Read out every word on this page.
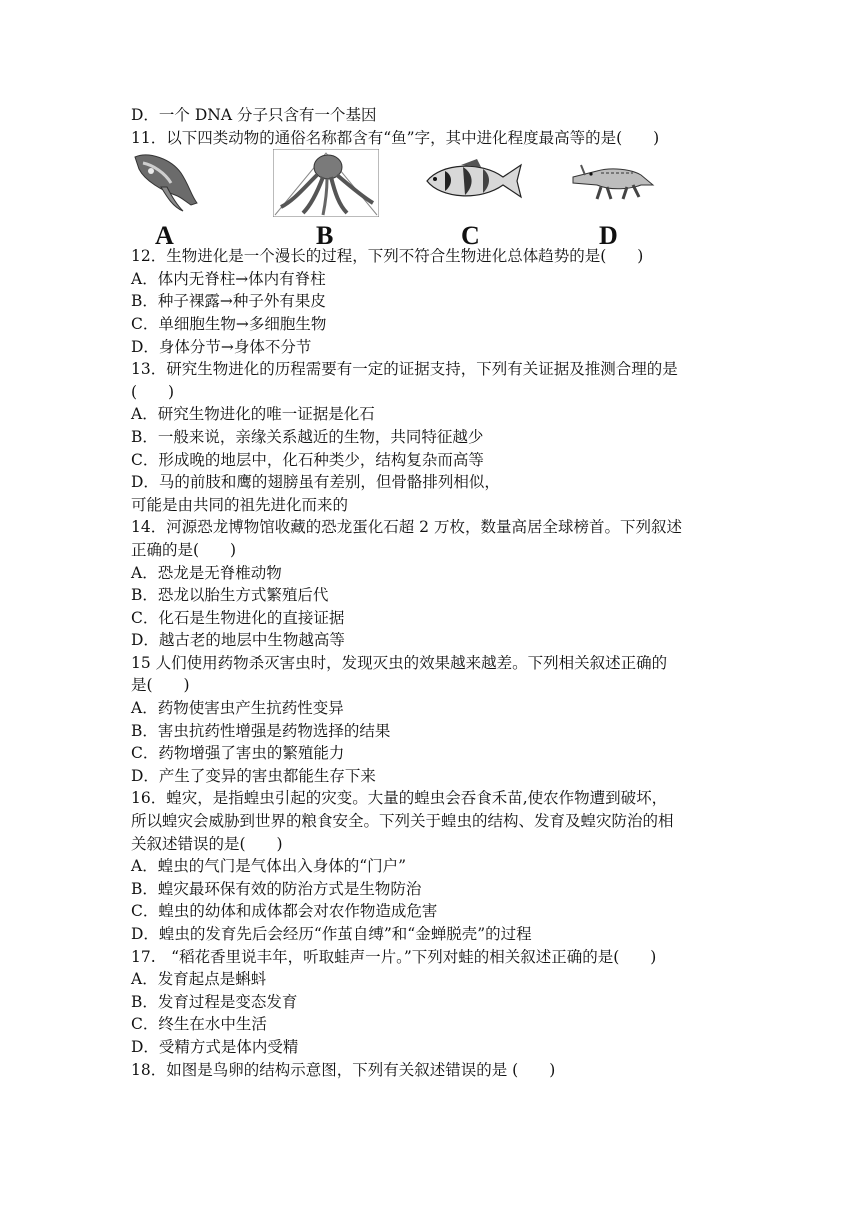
D．一个 DNA 分子只含有一个基因
11．以下四类动物的通俗名称都含有“鱼”字，其中进化程度最高等的是(　　)
A	B	C	D
12．生物进化是一个漫长的过程，下列不符合生物进化总体趋势的是(　　)
A．体内无脊柱→体内有脊柱
B．种子裸露→种子外有果皮
C．单细胞生物→多细胞生物
D．身体分节→身体不分节
13．研究生物进化的历程需要有一定的证据支持，下列有关证据及推测合理的是
(　　)
A．研究生物进化的唯一证据是化石
B．一般来说，亲缘关系越近的生物，共同特征越少
C．形成晚的地层中，化石种类少，结构复杂而高等
D．马的前肢和鹰的翅膀虽有差别，但骨骼排列相似，
可能是由共同的祖先进化而来的
14．河源恐龙博物馆收藏的恐龙蛋化石超 2 万枚，数量高居全球榜首。下列叙述
正确的是(　　)
A．恐龙是无脊椎动物
B．恐龙以胎生方式繁殖后代
C．化石是生物进化的直接证据
D．越古老的地层中生物越高等
15 人们使用药物杀灭害虫时，发现灭虫的效果越来越差。下列相关叙述正确的
是(　　)
A．药物使害虫产生抗药性变异
B．害虫抗药性增强是药物选择的结果
C．药物增强了害虫的繁殖能力
D．产生了变异的害虫都能生存下来
16．蝗灾，是指蝗虫引起的灾变。大量的蝗虫会吞食禾苗,使农作物遭到破坏，
所以蝗灾会威胁到世界的粮食安全。下列关于蝗虫的结构、发育及蝗灾防治的相
关叙述错误的是(　　)
A．蝗虫的气门是气体出入身体的“门户”
B．蝗灾最环保有效的防治方式是生物防治
C．蝗虫的幼体和成体都会对农作物造成危害
D．蝗虫的发育先后会经历“作茧自缚”和“金蝉脱壳”的过程
17.　“稻花香里说丰年，听取蛙声一片。”下列对蛙的相关叙述正确的是(　　)
A．发育起点是蝌蚪
B．发育过程是变态发育
C．终生在水中生活
D．受精方式是体内受精
18．如图是鸟卵的结构示意图，下列有关叙述错误的是 (　　)
